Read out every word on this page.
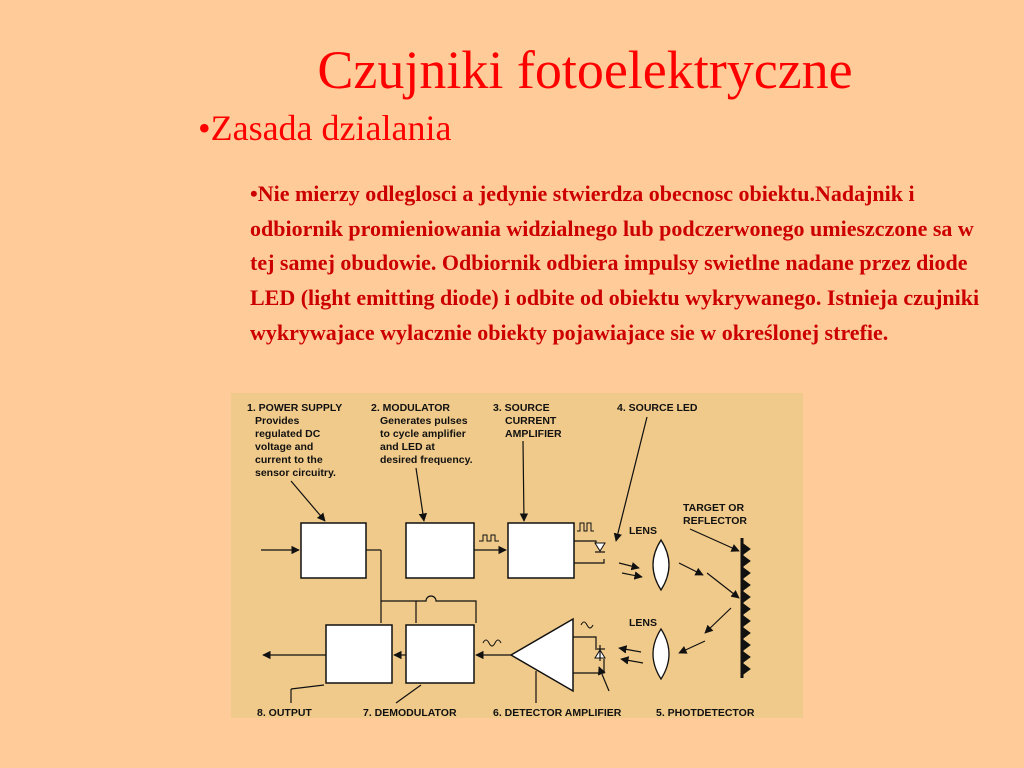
Czujniki fotoelektryczne
•Zasada dzialania
•Nie mierzy odleglosci a jedynie stwierdza obecnosc obiektu.Nadajnik i odbiornik promieniowania widzialnego lub podczerwonego umieszczone sa w tej samej obudowie. Odbiornik odbiera impulsy swietlne nadane przez diode LED (light emitting diode) i odbite od obiektu wykrywanego. Istnieja czujniki wykrywajace wylacznie obiekty pojawiajace sie w określonej strefie.
1. POWER SUPPLY Provides regulated DC voltage and current to the sensor circuitry.
2. MODULATOR Generates pulses to cycle amplifier and LED at desired frequency.
3. SOURCE CURRENT AMPLIFIER
4. SOURCE LED
TARGET OR REFLECTOR
LENS
LENS
8. OUTPUT	7. DEMODULATOR	6. DETECTOR AMPLIFIER	5. PHOTDETECTOR
